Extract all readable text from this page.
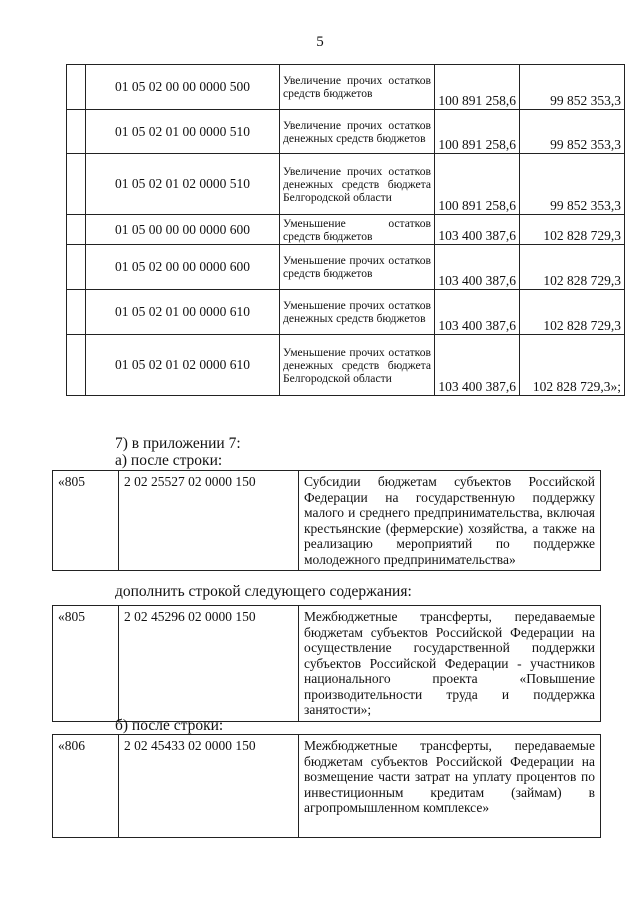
5
	01 05 02 00 00 0000 500	Увеличение прочих остатков средств бюджетов	100 891 258,6	99 852 353,3
	01 05 02 01 00 0000 510	Увеличение прочих остатков денежных средств бюджетов	100 891 258,6	99 852 353,3
	01 05 02 01 02 0000 510	Увеличение прочих остатков денежных средств бюджета Белгородской области	100 891 258,6	99 852 353,3
	01 05 00 00 00 0000 600	Уменьшение остатков средств бюджетов	103 400 387,6	102 828 729,3
	01 05 02 00 00 0000 600	Уменьшение прочих остатков средств бюджетов	103 400 387,6	102 828 729,3
	01 05 02 01 00 0000 610	Уменьшение прочих остатков денежных средств бюджетов	103 400 387,6	102 828 729,3
	01 05 02 01 02 0000 610	Уменьшение прочих остатков денежных средств бюджета Белгородской области	103 400 387,6	102 828 729,3»;
7) в приложении 7:
а) после строки:
«805	2 02 25527 02 0000 150	Субсидии бюджетам субъектов Российской Федерации на государственную поддержку малого и среднего предпринимательства, включая крестьянские (фермерские) хозяйства, а также на реализацию мероприятий по поддержке молодежного предпринимательства»
дополнить строкой следующего содержания:
«805	2 02 45296 02 0000 150	Межбюджетные трансферты, передаваемые бюджетам субъектов Российской Федерации на осуществление государственной поддержки субъектов Российской Федерации - участников национального проекта «Повышение производительности труда и поддержка занятости»;
б) после строки:
«806	2 02 45433 02 0000 150	Межбюджетные трансферты, передаваемые бюджетам субъектов Российской Федерации на возмещение части затрат на уплату процентов по инвестиционным кредитам (займам) в агропромышленном комплексе»
